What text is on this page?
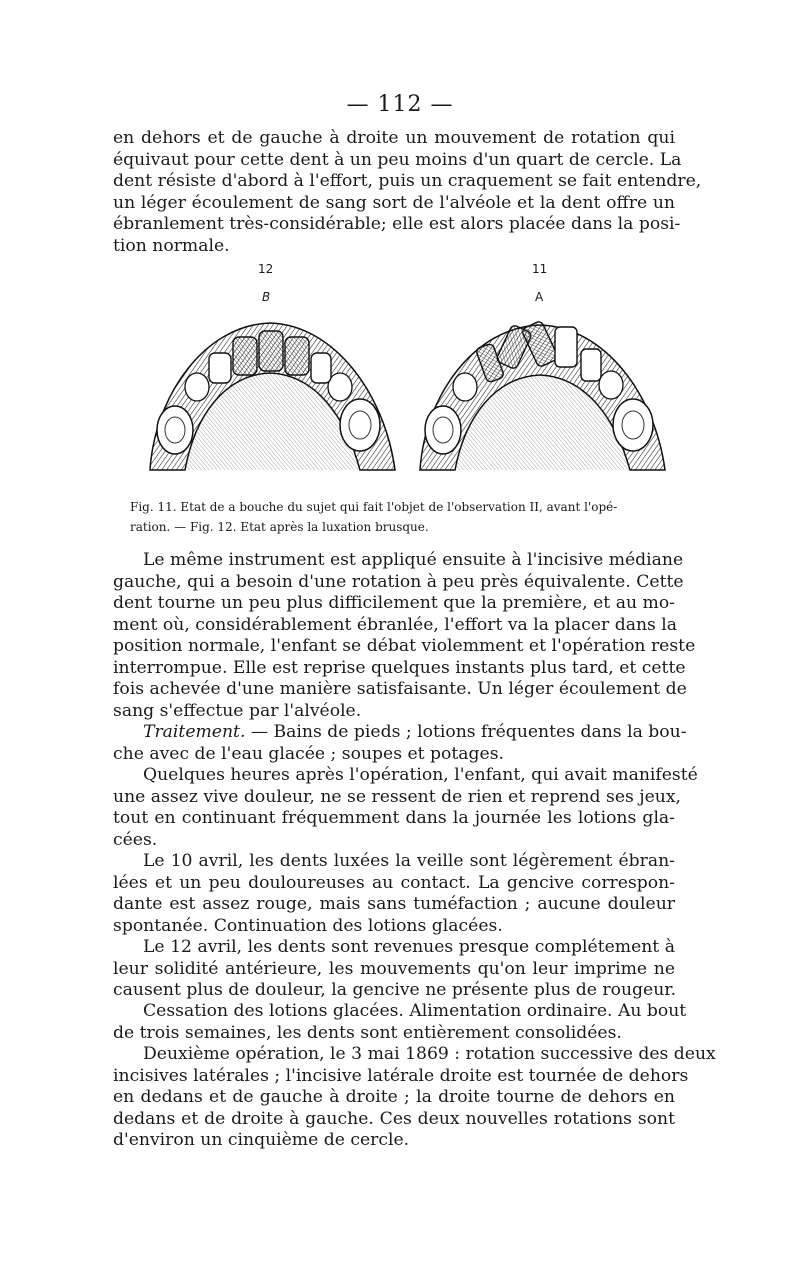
— 112 —
en dehors et de gauche à droite un mouvement de rotation qui
équivaut pour cette dent à un peu moins d'un quart de cercle. La
dent résiste d'abord à l'effort, puis un craquement se fait entendre,
un léger écoulement de sang sort de l'alvéole et la dent offre un
ébranlement très-considérable; elle est alors placée dans la posi-
tion normale.
12
B
11
A
Fig. 11. Etat de a bouche du sujet qui fait l'objet de l'observation II, avant l'opé-
ration. — Fig. 12. Etat après la luxation brusque.
Le même instrument est appliqué ensuite à l'incisive médiane
gauche, qui a besoin d'une rotation à peu près équivalente. Cette
dent tourne un peu plus difficilement que la première, et au mo-
ment où, considérablement ébranlée, l'effort va la placer dans la
position normale, l'enfant se débat violemment et l'opération reste
interrompue. Elle est reprise quelques instants plus tard, et cette
fois achevée d'une manière satisfaisante. Un léger écoulement de
sang s'effectue par l'alvéole.
Traitement. — Bains de pieds ; lotions fréquentes dans la bou-
che avec de l'eau glacée ; soupes et potages.
Quelques heures après l'opération, l'enfant, qui avait manifesté
une assez vive douleur, ne se ressent de rien et reprend ses jeux,
tout en continuant fréquemment dans la journée les lotions gla-
cées.
Le 10 avril, les dents luxées la veille sont légèrement ébran-
lées et un peu douloureuses au contact. La gencive correspon-
dante est assez rouge, mais sans tuméfaction ; aucune douleur
spontanée. Continuation des lotions glacées.
Le 12 avril, les dents sont revenues presque complétement à
leur solidité antérieure, les mouvements qu'on leur imprime ne
causent plus de douleur, la gencive ne présente plus de rougeur.
Cessation des lotions glacées. Alimentation ordinaire. Au bout
de trois semaines, les dents sont entièrement consolidées.
Deuxième opération, le 3 mai 1869 : rotation successive des deux
incisives latérales ; l'incisive latérale droite est tournée de dehors
en dedans et de gauche à droite ; la droite tourne de dehors en
dedans et de droite à gauche. Ces deux nouvelles rotations sont
d'environ un cinquième de cercle.
